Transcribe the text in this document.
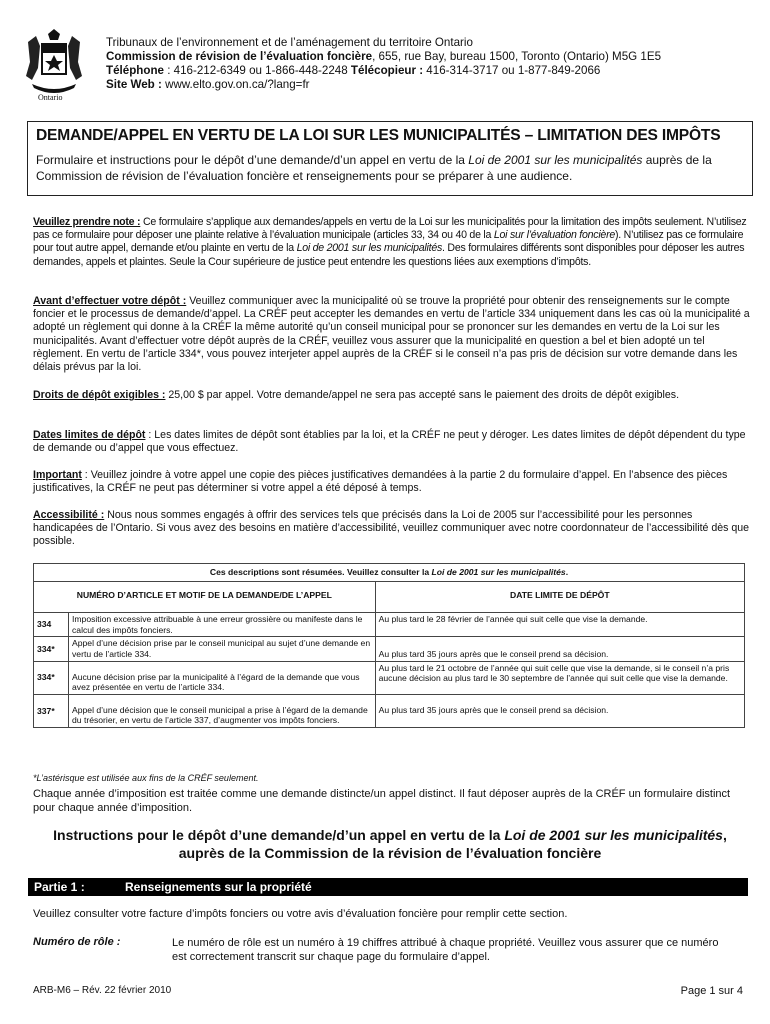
Ontario
Tribunaux de l’environnement et de l’aménagement du territoire Ontario
Commission de révision de l’évaluation foncière, 655, rue Bay, bureau 1500, Toronto (Ontario) M5G 1E5
Téléphone : 416-212-6349 ou 1-866-448-2248 Télécopieur : 416-314-3717 ou 1-877-849-2066
Site Web : www.elto.gov.on.ca/?lang=fr
DEMANDE/APPEL EN VERTU DE LA LOI SUR LES MUNICIPALITÉS – LIMITATION DES IMPÔTS
Formulaire et instructions pour le dépôt d’une demande/d’un appel en vertu de la Loi de 2001 sur les municipalités auprès de la Commission de révision de l’évaluation foncière et renseignements pour se préparer à une audience.

Veuillez prendre note : Ce formulaire s’applique aux demandes/appels en vertu de la Loi sur les municipalités pour la limitation des impôts seulement. N’utilisez pas ce formulaire pour déposer une plainte relative à l’évaluation municipale (articles 33, 34 ou 40 de la Loi sur l’évaluation foncière). N’utilisez pas ce formulaire pour tout autre appel, demande et/ou plainte en vertu de la Loi de 2001 sur les municipalités. Des formulaires différents sont disponibles pour déposer les autres demandes, appels et plaintes. Seule la Cour supérieure de justice peut entendre les questions liées aux exemptions d’impôts.

Avant d’effectuer votre dépôt : Veuillez communiquer avec la municipalité où se trouve la propriété pour obtenir des renseignements sur le compte foncier et le processus de demande/d’appel. La CRÉF peut accepter les demandes en vertu de l’article 334 uniquement dans les cas où la municipalité a adopté un règlement qui donne à la CRÉF la même autorité qu’un conseil municipal pour se prononcer sur les demandes en vertu de la Loi sur les municipalités. Avant d’effectuer votre dépôt auprès de la CRÉF, veuillez vous assurer que la municipalité en question a bel et bien adopté un tel règlement. En vertu de l’article 334*, vous pouvez interjeter appel auprès de la CRÉF si le conseil n’a pas pris de décision sur votre demande dans les délais prévus par la loi.

Droits de dépôt exigibles : 25,00 $ par appel. Votre demande/appel ne sera pas accepté sans le paiement des droits de dépôt exigibles.

Dates limites de dépôt : Les dates limites de dépôt sont établies par la loi, et la CRÉF ne peut y déroger. Les dates limites de dépôt dépendent du type de demande ou d’appel que vous effectuez.

Important : Veuillez joindre à votre appel une copie des pièces justificatives demandées à la partie 2 du formulaire d’appel. En l’absence des pièces justificatives, la CRÉF ne peut pas déterminer si votre appel a été déposé à temps.

Accessibilité : Nous nous sommes engagés à offrir des services tels que précisés dans la Loi de 2005 sur l’accessibilité pour les personnes handicapées de l’Ontario. Si vous avez des besoins en matière d’accessibilité, veuillez communiquer avec notre coordonnateur de l’accessibilité dès que possible.

Ces descriptions sont résumées. Veuillez consulter la Loi de 2001 sur les municipalités.		
NUMÉRO D’ARTICLE ET MOTIF DE LA DEMANDE/DE L’APPEL		DATE LIMITE DE DÉPÔT
334	Imposition excessive attribuable à une erreur grossière ou manifeste dans le calcul des impôts fonciers.	Au plus tard le 28 février de l’année qui suit celle que vise la demande.
334*	Appel d’une décision prise par le conseil municipal au sujet d’une demande en vertu de l’article 334.	Au plus tard 35 jours après que le conseil prend sa décision.
334*	Aucune décision prise par la municipalité à l’égard de la demande que vous avez présentée en vertu de l’article 334.	Au plus tard le 21 octobre de l’année qui suit celle que vise la demande, si le conseil n’a pris aucune décision au plus tard le 30 septembre de l’année qui suit celle que vise la demande.
337*	Appel d’une décision que le conseil municipal a prise à l’égard de la demande du trésorier, en vertu de l’article 337, d’augmenter vos impôts fonciers.	Au plus tard 35 jours après que le conseil prend sa décision.
*L’astérisque est utilisée aux fins de la CRÉF seulement.
Chaque année d’imposition est traitée comme une demande distincte/un appel distinct. Il faut déposer auprès de la CRÉF un formulaire distinct pour chaque année d’imposition.
Instructions pour le dépôt d’une demande/d’un appel en vertu de la Loi de 2001 sur les municipalités, auprès de la Commission de la révision de l’évaluation foncière
Partie 1 :	Renseignements sur la propriété
Veuillez consulter votre facture d’impôts fonciers ou votre avis d’évaluation foncière pour remplir cette section.
Numéro de rôle :	Le numéro de rôle est un numéro à 19 chiffres attribué à chaque propriété. Veuillez vous assurer que ce numéro est correctement transcrit sur chaque page du formulaire d’appel.
ARB-M6 – Rév. 22 février 2010	Page 1 sur 4
